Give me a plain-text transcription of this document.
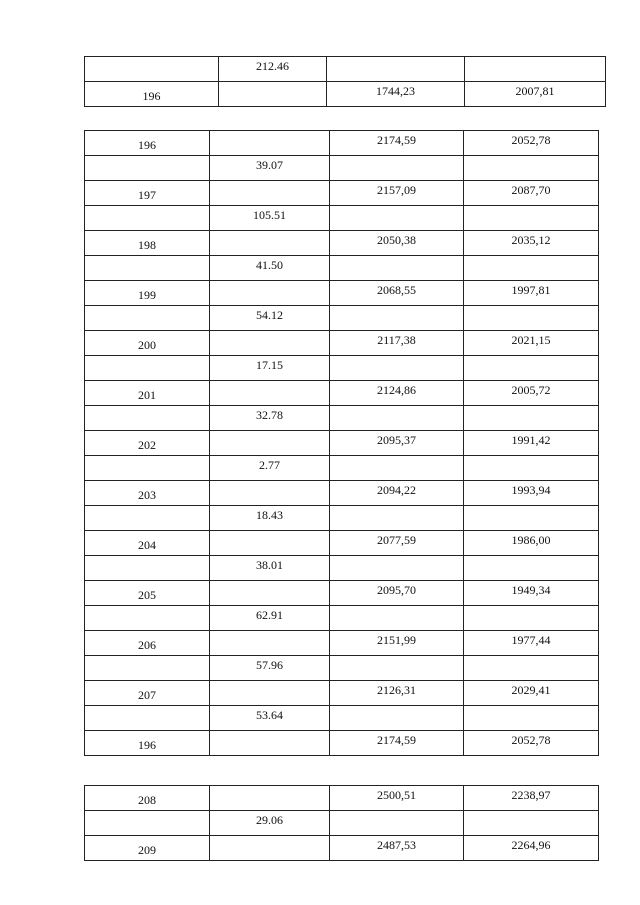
	212.46		
196		1744,23	2007,81
196		2174,59	2052,78
	39.07		
197		2157,09	2087,70
	105.51		
198		2050,38	2035,12
	41.50		
199		2068,55	1997,81
	54.12		
200		2117,38	2021,15
	17.15		
201		2124,86	2005,72
	32.78		
202		2095,37	1991,42
	2.77		
203		2094,22	1993,94
	18.43		
204		2077,59	1986,00
	38.01		
205		2095,70	1949,34
	62.91		
206		2151,99	1977,44
	57.96		
207		2126,31	2029,41
	53.64		
196		2174,59	2052,78
208		2500,51	2238,97
	29.06		
209		2487,53	2264,96
